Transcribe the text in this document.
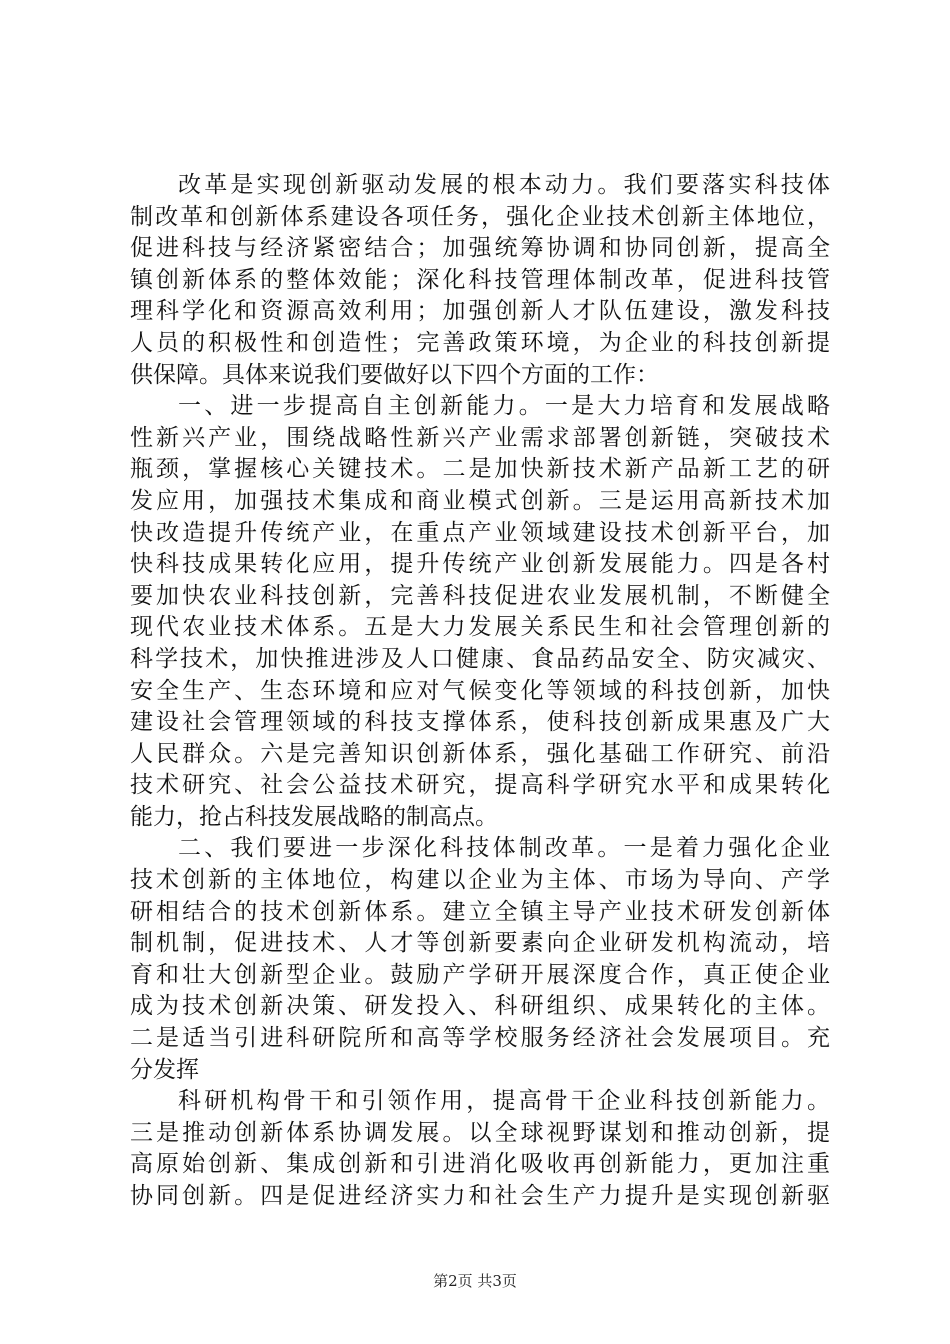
改革是实现创新驱动发展的根本动力。我们要落实科技体
制改革和创新体系建设各项任务，强化企业技术创新主体地位，
促进科技与经济紧密结合；加强统筹协调和协同创新，提高全
镇创新体系的整体效能；深化科技管理体制改革，促进科技管
理科学化和资源高效利用；加强创新人才队伍建设，激发科技
人员的积极性和创造性；完善政策环境，为企业的科技创新提
供保障。具体来说我们要做好以下四个方面的工作：
一、进一步提高自主创新能力。一是大力培育和发展战略
性新兴产业，围绕战略性新兴产业需求部署创新链，突破技术
瓶颈，掌握核心关键技术。二是加快新技术新产品新工艺的研
发应用，加强技术集成和商业模式创新。三是运用高新技术加
快改造提升传统产业，在重点产业领域建设技术创新平台，加
快科技成果转化应用，提升传统产业创新发展能力。四是各村
要加快农业科技创新，完善科技促进农业发展机制，不断健全
现代农业技术体系。五是大力发展关系民生和社会管理创新的
科学技术，加快推进涉及人口健康、食品药品安全、防灾减灾、
安全生产、生态环境和应对气候变化等领域的科技创新，加快
建设社会管理领域的科技支撑体系，使科技创新成果惠及广大
人民群众。六是完善知识创新体系，强化基础工作研究、前沿
技术研究、社会公益技术研究，提高科学研究水平和成果转化
能力，抢占科技发展战略的制高点。
二、我们要进一步深化科技体制改革。一是着力强化企业
技术创新的主体地位，构建以企业为主体、市场为导向、产学
研相结合的技术创新体系。建立全镇主导产业技术研发创新体
制机制，促进技术、人才等创新要素向企业研发机构流动，培
育和壮大创新型企业。鼓励产学研开展深度合作，真正使企业
成为技术创新决策、研发投入、科研组织、成果转化的主体。
二是适当引进科研院所和高等学校服务经济社会发展项目。充
分发挥
科研机构骨干和引领作用，提高骨干企业科技创新能力。
三是推动创新体系协调发展。以全球视野谋划和推动创新，提
高原始创新、集成创新和引进消化吸收再创新能力，更加注重
协同创新。四是促进经济实力和社会生产力提升是实现创新驱
第2页 共3页
